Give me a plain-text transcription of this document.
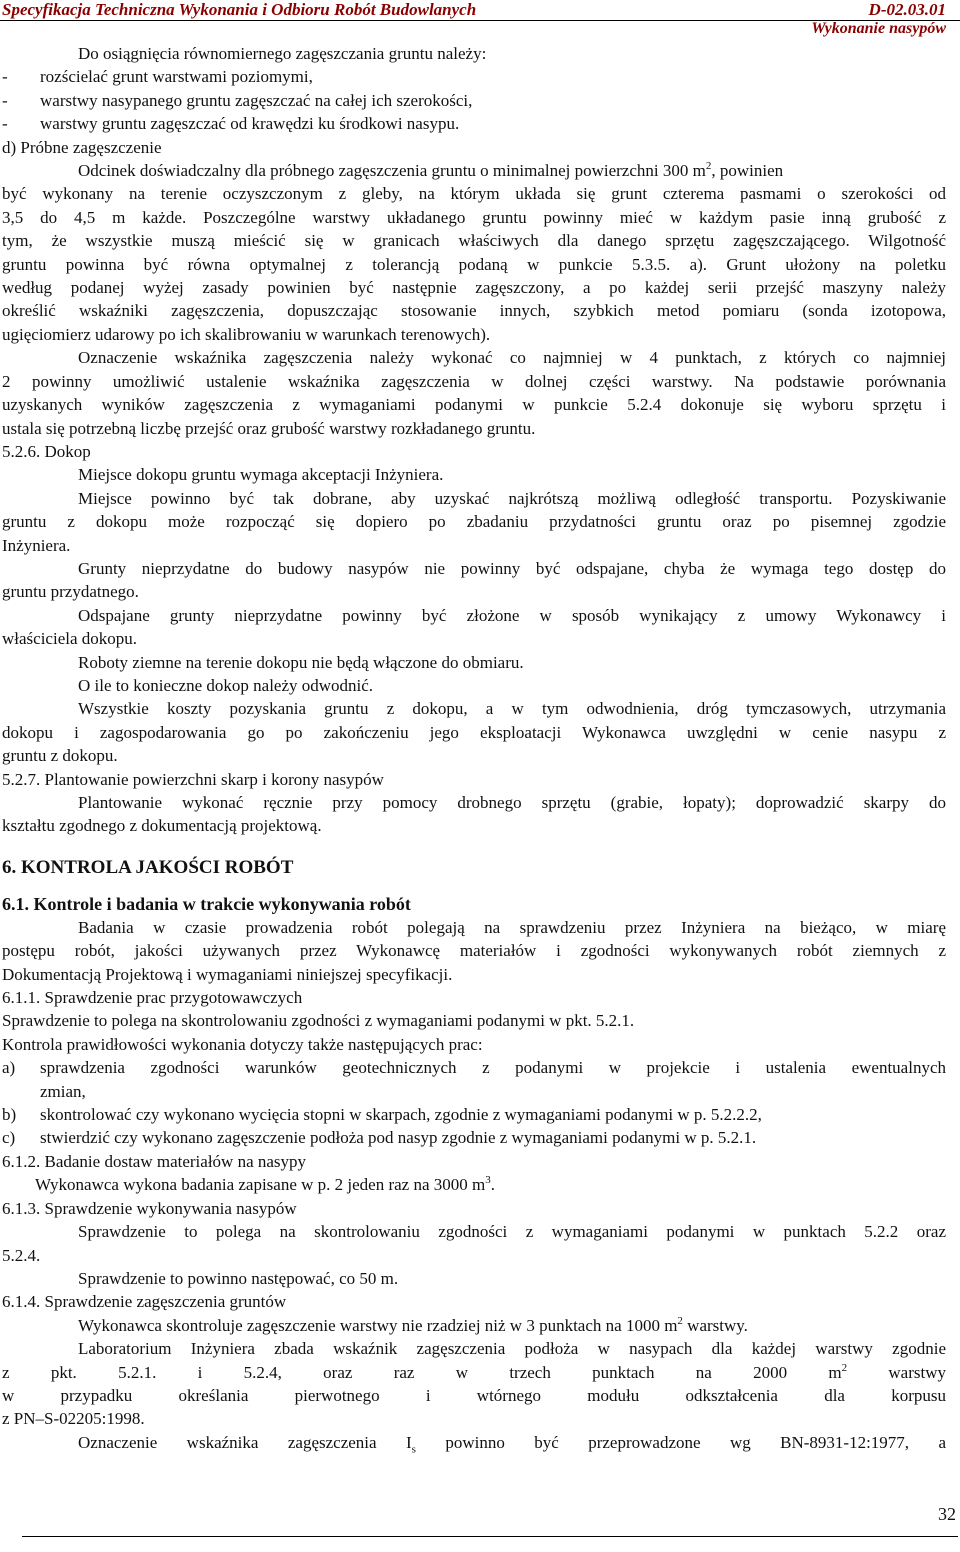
Specyfikacja Techniczna Wykonania i Odbioru Robót Budowlanych	D-02.03.01
Wykonanie nasypów
Do osiągnięcia równomiernego zagęszczania gruntu należy:
- rozścielać grunt warstwami poziomymi,
- warstwy nasypanego gruntu zagęszczać na całej ich szerokości,
- warstwy gruntu zagęszczać od krawędzi ku środkowi nasypu.
d) Próbne zagęszczenie
Odcinek doświadczalny dla próbnego zagęszczenia gruntu o minimalnej powierzchni 300 $m^2$, powinien
być wykonany na terenie oczyszczonym z gleby, na którym układa się grunt czterema pasmami o szerokości od
3,5 do 4,5 m każde. Poszczególne warstwy układanego gruntu powinny mieć w każdym pasie inną grubość z
tym, że wszystkie muszą mieścić się w granicach właściwych dla danego sprzętu zagęszczającego. Wilgotność
gruntu powinna być równa optymalnej z tolerancją podaną w punkcie 5.3.5. a). Grunt ułożony na poletku
według podanej wyżej zasady powinien być następnie zagęszczony, a po każdej serii przejść maszyny należy
określić wskaźniki zagęszczenia, dopuszczając stosowanie innych, szybkich metod pomiaru (sonda izotopowa,
ugięciomierz udarowy po ich skalibrowaniu w warunkach terenowych).
Oznaczenie wskaźnika zagęszczenia należy wykonać co najmniej w 4 punktach, z których co najmniej
2 powinny umożliwić ustalenie wskaźnika zagęszczenia w dolnej części warstwy. Na podstawie porównania
uzyskanych wyników zagęszczenia z wymaganiami podanymi w punkcie 5.2.4 dokonuje się wyboru sprzętu i
ustala się potrzebną liczbę przejść oraz grubość warstwy rozkładanego gruntu.
5.2.6. Dokop
Miejsce dokopu gruntu wymaga akceptacji Inżyniera.
Miejsce powinno być tak dobrane, aby uzyskać najkrótszą możliwą odległość transportu. Pozyskiwanie
gruntu z dokopu może rozpocząć się dopiero po zbadaniu przydatności gruntu oraz po pisemnej zgodzie
Inżyniera.
Grunty nieprzydatne do budowy nasypów nie powinny być odspajane, chyba że wymaga tego dostęp do
gruntu przydatnego.
Odspajane grunty nieprzydatne powinny być złożone w sposób wynikający z umowy Wykonawcy i
właściciela dokopu.
Roboty ziemne na terenie dokopu nie będą włączone do obmiaru.
O ile to konieczne dokop należy odwodnić.
Wszystkie koszty pozyskania gruntu z dokopu, a w tym odwodnienia, dróg tymczasowych, utrzymania
dokopu i zagospodarowania go po zakończeniu jego eksploatacji Wykonawca uwzględni w cenie nasypu z
gruntu z dokopu.
5.2.7. Plantowanie powierzchni skarp i korony nasypów
Plantowanie wykonać ręcznie przy pomocy drobnego sprzętu (grabie, łopaty); doprowadzić skarpy do
kształtu zgodnego z dokumentacją projektową.
6. KONTROLA JAKOŚCI ROBÓT
6.1. Kontrole i badania w trakcie wykonywania robót
Badania w czasie prowadzenia robót polegają na sprawdzeniu przez Inżyniera na bieżąco, w miarę
postępu robót, jakości używanych przez Wykonawcę materiałów i zgodności wykonywanych robót ziemnych z
Dokumentacją Projektową i wymaganiami niniejszej specyfikacji.
6.1.1. Sprawdzenie prac przygotowawczych
Sprawdzenie to polega na skontrolowaniu zgodności z wymaganiami podanymi w pkt. 5.2.1.
Kontrola prawidłowości wykonania dotyczy także następujących prac:
a) sprawdzenia zgodności warunków geotechnicznych z podanymi w projekcie i ustalenia ewentualnych
zmian,
b) skontrolować czy wykonano wycięcia stopni w skarpach, zgodnie z wymaganiami podanymi w p. 5.2.2.2,
c) stwierdzić czy wykonano zagęszczenie podłoża pod nasyp zgodnie z wymaganiami podanymi w p. 5.2.1.
6.1.2. Badanie dostaw materiałów na nasypy
Wykonawca wykona badania zapisane w p. 2 jeden raz na 3000 $m^3$.
6.1.3. Sprawdzenie wykonywania nasypów
Sprawdzenie to polega na skontrolowaniu zgodności z wymaganiami podanymi w punktach 5.2.2 oraz
5.2.4.
Sprawdzenie to powinno następować, co 50 m.
6.1.4. Sprawdzenie zagęszczenia gruntów
Wykonawca skontroluje zagęszczenie warstwy nie rzadziej niż w 3 punktach na 1000 $m^2$ warstwy.
Laboratorium Inżyniera zbada wskaźnik zagęszczenia podłoża w nasypach dla każdej warstwy zgodnie
z pkt. 5.2.1. i 5.2.4, oraz raz w trzech punktach na 2000 $m^2$ warstwy
w przypadku określania pierwotnego i wtórnego modułu odkształcenia dla korpusu
z PN–S-02205:1998.
Oznaczenie wskaźnika zagęszczenia $I_s$ powinno być przeprowadzone wg BN-8931-12:1977, a
32
